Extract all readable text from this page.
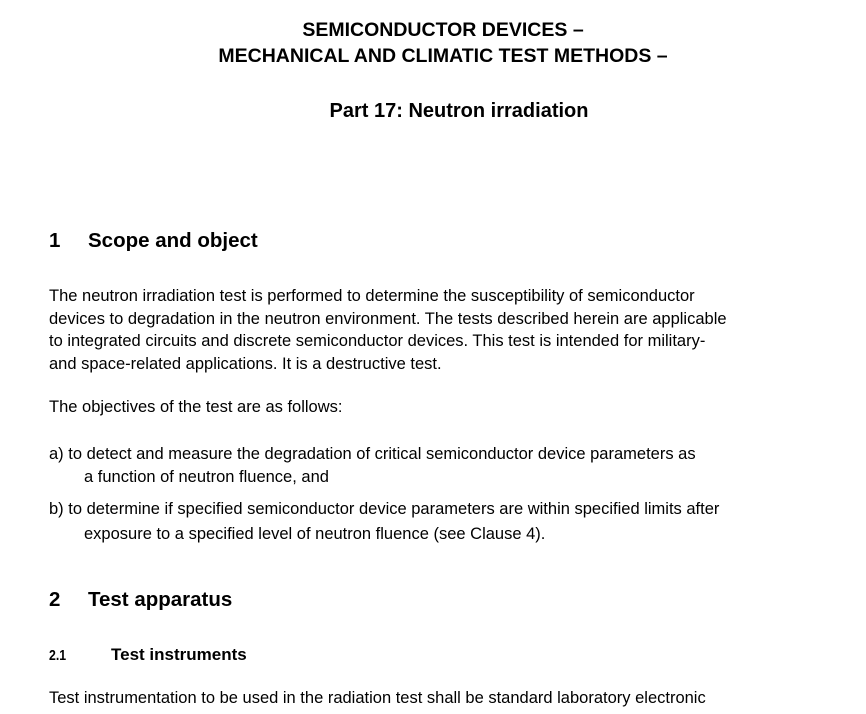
SEMICONDUCTOR DEVICES –
MECHANICAL AND CLIMATIC TEST METHODS –
Part 17: Neutron irradiation
1 Scope and object
The neutron irradiation test is performed to determine the susceptibility of semiconductor
devices to degradation in the neutron environment. The tests described herein are applicable
to integrated circuits and discrete semiconductor devices. This test is intended for military-
and space-related applications. It is a destructive test.
The objectives of the test are as follows:
a) to detect and measure the degradation of critical semiconductor device parameters as
a function of neutron fluence, and
b) to determine if specified semiconductor device parameters are within specified limits after
exposure to a specified level of neutron fluence (see Clause 4).
2 Test apparatus
2.1	Test instruments
Test instrumentation to be used in the radiation test shall be standard laboratory electronic
